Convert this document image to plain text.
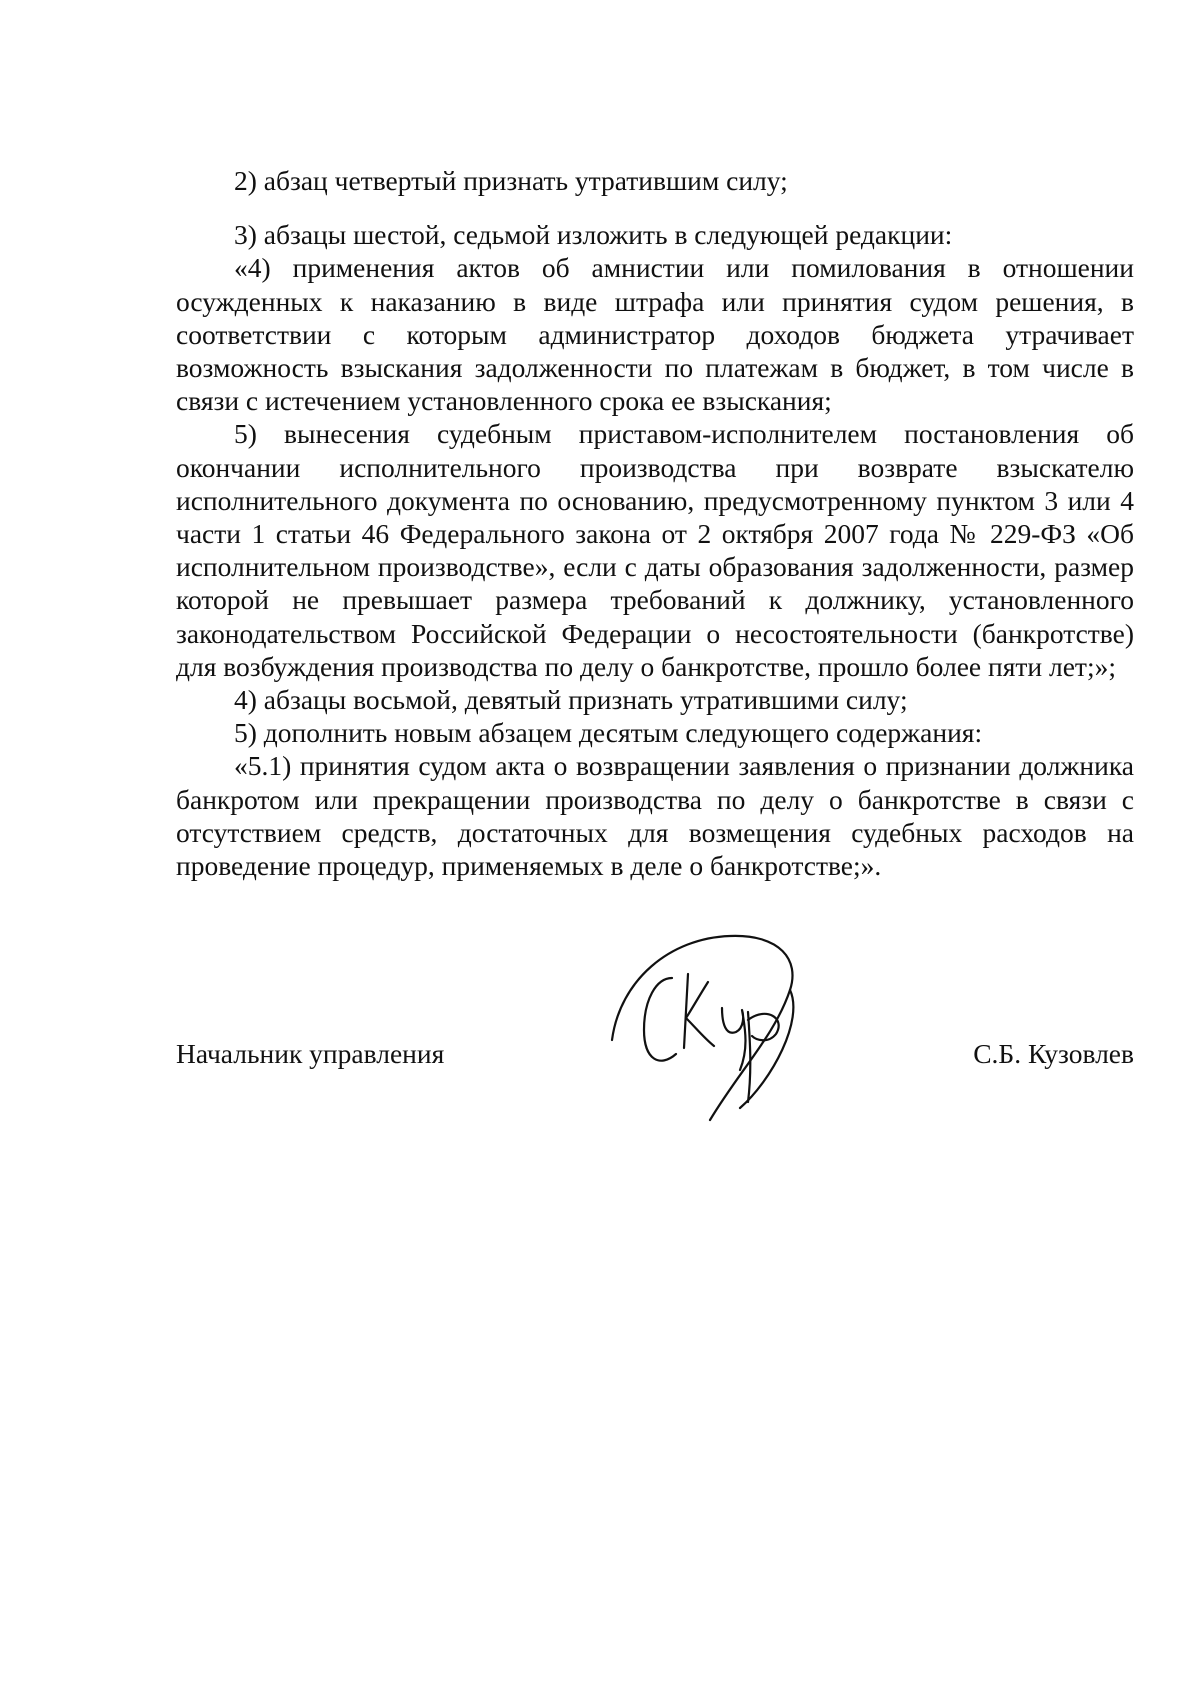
2) абзац четвертый признать утратившим силу;

3) абзацы шестой, седьмой изложить в следующей редакции:

«4) применения актов об амнистии или помилования в отношении осужденных к наказанию в виде штрафа или принятия судом решения, в соответствии с которым администратор доходов бюджета утрачивает возможность взыскания задолженности по платежам в бюджет, в том числе в связи с истечением установленного срока ее взыскания;

5) вынесения судебным приставом-исполнителем постановления об окончании исполнительного производства при возврате взыскателю исполнительного документа по основанию, предусмотренному пунктом 3 или 4 части 1 статьи 46 Федерального закона от 2 октября 2007 года № 229-ФЗ «Об исполнительном производстве», если с даты образования задолженности, размер которой не превышает размера требований к должнику, установленного законодательством Российской Федерации о несостоятельности (банкротстве) для возбуждения производства по делу о банкротстве, прошло более пяти лет;»;

4) абзацы восьмой, девятый признать утратившими силу;

5) дополнить новым абзацем десятым следующего содержания:

«5.1) принятия судом акта о возвращении заявления о признании должника банкротом или прекращении производства по делу о банкротстве в связи с отсутствием средств, достаточных для возмещения судебных расходов на проведение процедур, применяемых в деле о банкротстве;».

Начальник управления	С.Б. Кузовлев
